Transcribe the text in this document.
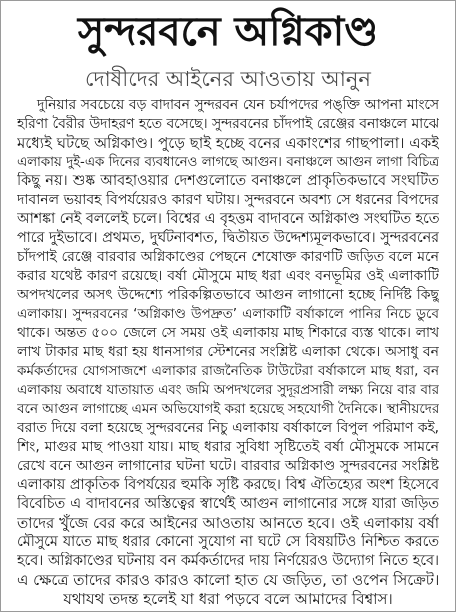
সুন্দরবনে অগ্নিকাণ্ড
দোষীদের আইনের আওতায় আনুন
দুনিয়ার সবচেয়ে বড় বাদাবন সুন্দরবন যেন চর্যাপদের পঙ্‌ক্তি আপনা মাংসে
হরিণা বৈরীর উদাহরণ হতে বসেছে। সুন্দরবনের চাঁদপাই রেঞ্জের বনাঞ্চলে মাঝে
মধ্যেই ঘটছে অগ্নিকাণ্ড। পুড়ে ছাই হচ্ছে বনের একাংশের গাছপালা। একই
এলাকায় দুই-এক দিনের ব্যবধানেও লাগছে আগুন। বনাঞ্চলে আগুন লাগা বিচিত্র
কিছু নয়। শুষ্ক আবহাওয়ার দেশগুলোতে বনাঞ্চলে প্রাকৃতিকভাবে সংঘটিত
দাবানল ভয়াবহ বিপর্যয়েরও কারণ ঘটায়। সুন্দরবনে অবশ্য সে ধরনের বিপদের
আশঙ্কা নেই বললেই চলে। বিশ্বের এ বৃহত্তম বাদাবনে অগ্নিকাণ্ড সংঘটিত হতে
পারে দুইভাবে। প্রথমত, দুর্ঘটনাবশত, দ্বিতীয়ত উদ্দেশ্যমূলকভাবে। সুন্দরবনের
চাঁদপাই রেঞ্জে বারবার অগ্নিকাণ্ডের পেছনে শেষোক্ত কারণটি জড়িত বলে মনে
করার যথেষ্ট কারণ রয়েছে। বর্ষা মৌসুমে মাছ ধরা এবং বনভূমির ওই এলাকাটি
অপদখলের অসৎ উদ্দেশ্যে পরিকল্পিতভাবে আগুন লাগানো হচ্ছে নির্দিষ্ট কিছু
এলাকায়। সুন্দরবনের ‘অগ্নিকাণ্ড উপদ্রুত’ এলাকাটি বর্ষাকালে পানির নিচে ডুবে
থাকে। অন্তত ৫০০ জেলে সে সময় ওই এলাকায় মাছ শিকারে ব্যস্ত থাকে। লাখ
লাখ টাকার মাছ ধরা হয় ধানসাগর স্টেশনের সংশ্লিষ্ট এলাকা থেকে। অসাধু বন
কর্মকর্তাদের যোগসাজশে এলাকার রাজনৈতিক টাউটেরা বর্ষাকালে মাছ ধরা, বন
এলাকায় অবাধে যাতায়াত এবং জমি অপদখলের সুদূরপ্রসারী লক্ষ্য নিয়ে বার বার
বনে আগুন লাগাচ্ছে এমন অভিযোগই করা হয়েছে সহযোগী দৈনিকে। স্থানীয়দের
বরাত দিয়ে বলা হয়েছে সুন্দরবনের নিচু এলাকায় বর্ষাকালে বিপুল পরিমাণ কই,
শিং, মাগুর মাছ পাওয়া যায়। মাছ ধরার সুবিধা সৃষ্টিতেই বর্ষা মৌসুমকে সামনে
রেখে বনে আগুন লাগানোর ঘটনা ঘটে। বারবার অগ্নিকাণ্ড সুন্দরবনের সংশ্লিষ্ট
এলাকায় প্রাকৃতিক বিপর্যয়ের হুমকি সৃষ্টি করছে। বিশ্ব ঐতিহ্যের অংশ হিসেবে
বিবেচিত এ বাদাবনের অস্তিত্বের স্বার্থেই আগুন লাগানোর সঙ্গে যারা জড়িত
তাদের খুঁজে বের করে আইনের আওতায় আনতে হবে। ওই এলাকায় বর্ষা
মৌসুমে যাতে মাছ ধরার কোনো সুযোগ না ঘটে সে বিষয়টিও নিশ্চিত করতে
হবে। অগ্নিকাণ্ডের ঘটনায় বন কর্মকর্তাদের দায় নির্ণয়েরও উদ্যোগ নিতে হবে।
এ ক্ষেত্রে তাদের কারও কারও কালো হাত যে জড়িত, তা ওপেন সিক্রেট।
যথাযথ তদন্ত হলেই যা ধরা পড়বে বলে আমাদের বিশ্বাস।
